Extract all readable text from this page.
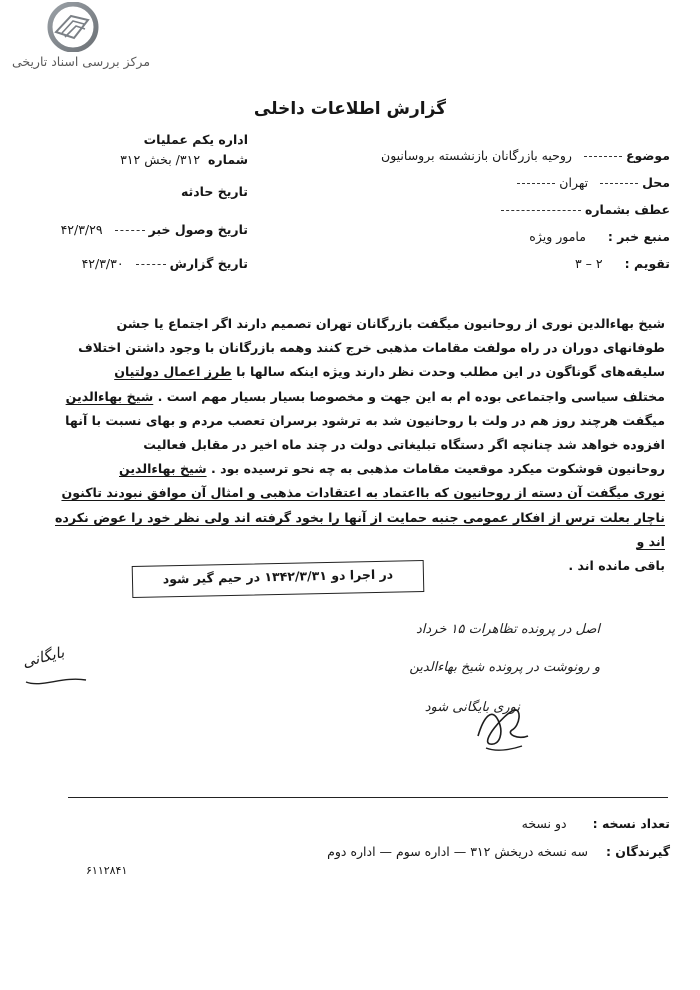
مرکز بررسی اسناد تاریخی
گزارش اطلاعات داخلی
موضوع
روحیه بازرگانان بازنشسته بروسانیون
محل
تهران
عطف بشماره
منبع خبر :
مامور ویژه
تقویم :
۲ – ۳
اداره یکم عملیات
شماره
۳۱۲/ بخش ۳۱۲
تاریخ حادثه
تاریخ وصول خبر
۴۲/۳/۲۹
تاریخ گزارش
۴۲/۳/۳۰
شیخ بهاءالدین نوری از روحانیون میگفت بازرگانان تهران تصمیم دارند اگر اجتماع یا جشن
طوفانهای دوران در راه مولفت مقامات مذهبی خرج کنند وهمه بازرگانان با وجود داشتن اختلاف
سلیقه‌های گوناگون در این مطلب وحدت نظر دارند ویژه اینکه سالها با طرز اعمال دولتیان
مختلف سیاسی واجتماعی بوده ام به این جهت و مخصوصا بسیار بسیار مهم است . شیخ بهاءالدین
میگفت هرچند روز هم در ولت با روحانیون شد به ترشود برسران تعصب مردم و بهای نسبت با آنها
افزوده خواهد شد چنانچه اگر دستگاه تبلیغاتی دولت در چند ماه اخیر در مقابل فعالیت
روحانیون قوشکوت میکرد موقعیت مقامات مذهبی به چه نحو ترسیده بود . شیخ بهاءالدین
نوری میگفت آن دسته از روحانیون که بااعتماد به اعتقادات مذهبی و امثال آن موافق نبودند تاکنون
ناچار بعلت ترس از افکار عمومی جنبه حمایت از آنها را بخود گرفته اند ولی نظر خود را عوض نکرده اند و
باقی مانده اند .
در اجرا دو ۱۳۴۲/۳/۳۱ در حیم گیر شود
بایگانی
اصل در پرونده تظاهرات ۱۵ خرداد
و رونوشت در پرونده شیخ بهاءالدین
نوری بایگانی شود
تعداد نسخه :
دو نسخه
گیرندگان :
سه نسخه دریخش ۳۱۲ — اداره سوم — اداره دوم
۶۱۱۲۸۴۱
